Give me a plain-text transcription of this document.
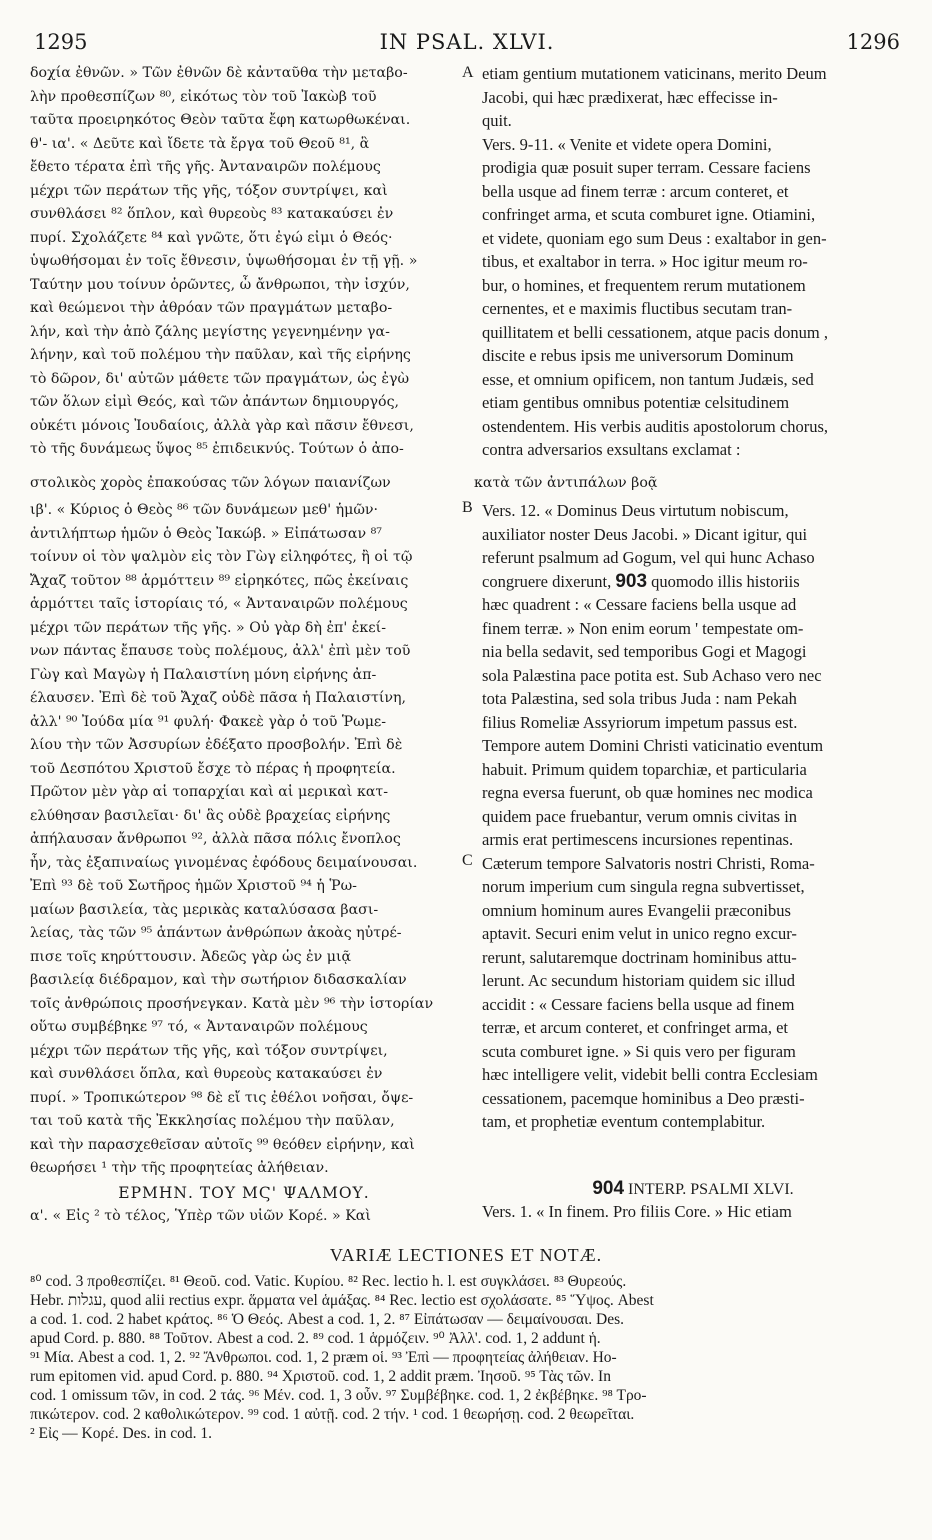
1295	IN PSAL. XLVI.	1296
δοχία ἐθνῶν. » Τῶν ἐθνῶν δὲ κἀνταῦθα τὴν μεταβο-
λὴν προθεσπίζων ⁸⁰, εἰκότως τὸν τοῦ Ἰακὼβ τοῦ
ταῦτα προειρηκότος Θεὸν ταῦτα ἔφη κατωρθωκέναι.
θ'- ια'. « Δεῦτε καὶ ἴδετε τὰ ἔργα τοῦ Θεοῦ ⁸¹, ἃ
ἔθετο τέρατα ἐπὶ τῆς γῆς. Ἀνταναιρῶν πολέμους
μέχρι τῶν περάτων τῆς γῆς, τόξον συντρίψει, καὶ
συνθλάσει ⁸² ὅπλον, καὶ θυρεοὺς ⁸³ κατακαύσει ἐν
πυρί. Σχολάζετε ⁸⁴ καὶ γνῶτε, ὅτι ἐγώ εἰμι ὁ Θεός·
ὑψωθήσομαι ἐν τοῖς ἔθνεσιν, ὑψωθήσομαι ἐν τῇ γῇ. »
Ταύτην μου τοίνυν ὁρῶντες, ὦ ἄνθρωποι, τὴν ἰσχύν,
καὶ θεώμενοι τὴν ἀθρόαν τῶν πραγμάτων μεταβο-
λήν, καὶ τὴν ἀπὸ ζάλης μεγίστης γεγενημένην γα-
λήνην, καὶ τοῦ πολέμου τὴν παῦλαν, καὶ τῆς εἰρήνης
τὸ δῶρον, δι' αὐτῶν μάθετε τῶν πραγμάτων, ὡς ἐγὼ
τῶν ὅλων εἰμὶ Θεός, καὶ τῶν ἀπάντων δημιουργός,
οὐκέτι μόνοις Ἰουδαίοις, ἀλλὰ γὰρ καὶ πᾶσιν ἔθνεσι,
τὸ τῆς δυνάμεως ὕψος ⁸⁵ ἐπιδεικνύς. Τούτων ὁ ἀπο-
etiam gentium mutationem vaticinans, merito Deum
Jacobi, qui hæc prædixerat, hæc effecisse in-
quit.
Vers. 9-11. « Venite et videte opera Domini,
prodigia quæ posuit super terram. Cessare faciens
bella usque ad finem terræ : arcum conteret, et
confringet arma, et scuta comburet igne. Otiamini,
et videte, quoniam ego sum Deus : exaltabor in gen-
tibus, et exaltabor in terra. » Hoc igitur meum ro-
bur, o homines, et frequentem rerum mutationem
cernentes, et e maximis fluctibus secutam tran-
quillitatem et belli cessationem, atque pacis donum ,
discite e rebus ipsis me universorum Dominum
esse, et omnium opificem, non tantum Judæis, sed
etiam gentibus omnibus potentiæ celsitudinem
ostendentem. His verbis auditis apostolorum chorus,
contra adversarios exsultans exclamat :
στολικὸς χορὸς ἐπακούσας τῶν λόγων παιανίζων	κατὰ τῶν ἀντιπάλων βοᾷ
ιβ'. « Κύριος ὁ Θεὸς ⁸⁶ τῶν δυνάμεων μεθ' ἡμῶν·
ἀντιλήπτωρ ἡμῶν ὁ Θεὸς Ἰακώβ. » Εἰπάτωσαν ⁸⁷
τοίνυν οἱ τὸν ψαλμὸν εἰς τὸν Γὼγ εἰληφότες, ἢ οἱ τῷ
Ἄχαζ τοῦτον ⁸⁸ ἁρμόττειν ⁸⁹ εἰρηκότες, πῶς ἐκείναις
ἁρμόττει ταῖς ἱστορίαις τό, « Ἀνταναιρῶν πολέμους
μέχρι τῶν περάτων τῆς γῆς. » Οὐ γὰρ δὴ ἐπ' ἐκεί-
νων πάντας ἔπαυσε τοὺς πολέμους, ἀλλ' ἐπὶ μὲν τοῦ
Γὼγ καὶ Μαγὼγ ἡ Παλαιστίνη μόνη εἰρήνης ἀπ-
έλαυσεν. Ἐπὶ δὲ τοῦ Ἄχαζ οὐδὲ πᾶσα ἡ Παλαιστίνη,
ἀλλ' ⁹⁰ Ἰούδα μία ⁹¹ φυλή· Φακεὲ γὰρ ὁ τοῦ Ῥωμε-
λίου τὴν τῶν Ἀσσυρίων ἐδέξατο προσβολήν. Ἐπὶ δὲ
τοῦ Δεσπότου Χριστοῦ ἔσχε τὸ πέρας ἡ προφητεία.
Πρῶτον μὲν γὰρ αἱ τοπαρχίαι καὶ αἱ μερικαὶ κατ-
ελύθησαν βασιλεῖαι· δι' ἃς οὐδὲ βραχείας εἰρήνης
ἀπήλαυσαν ἄνθρωποι ⁹², ἀλλὰ πᾶσα πόλις ἔνοπλος
ἦν, τὰς ἐξαπιναίως γινομένας ἐφόδους δειμαίνουσαι.
Ἐπὶ ⁹³ δὲ τοῦ Σωτῆρος ἡμῶν Χριστοῦ ⁹⁴ ἡ Ῥω-
μαίων βασιλεία, τὰς μερικὰς καταλύσασα βασι-
λείας, τὰς τῶν ⁹⁵ ἁπάντων ἀνθρώπων ἀκοὰς ηὐτρέ-
πισε τοῖς κηρύττουσιν. Ἀδεῶς γὰρ ὡς ἐν μιᾷ
βασιλείᾳ διέδραμον, καὶ τὴν σωτήριον διδασκαλίαν
τοῖς ἀνθρώποις προσήνεγκαν. Κατὰ μὲν ⁹⁶ τὴν ἱστορίαν
οὕτω συμβέβηκε ⁹⁷ τό, « Ἀνταναιρῶν πολέμους
μέχρι τῶν περάτων τῆς γῆς, καὶ τόξον συντρίψει,
καὶ συνθλάσει ὅπλα, καὶ θυρεοὺς κατακαύσει ἐν
πυρί. » Τροπικώτερον ⁹⁸ δὲ εἴ τις ἐθέλοι νοῆσαι, ὄψε-
ται τοῦ κατὰ τῆς Ἐκκλησίας πολέμου τὴν παῦλαν,
καὶ τὴν παρασχεθεῖσαν αὐτοῖς ⁹⁹ θεόθεν εἰρήνην, καὶ
θεωρήσει ¹ τὴν τῆς προφητείας ἀλήθειαν.
Vers. 12. « Dominus Deus virtutum nobiscum,
auxiliator noster Deus Jacobi. » Dicant igitur, qui
referunt psalmum ad Gogum, vel qui hunc Achaso
congruere dixerunt, 903 quomodo illis historiis
hæc quadrent : « Cessare faciens bella usque ad
finem terræ. » Non enim eorum ' tempestate om-
nia bella sedavit, sed temporibus Gogi et Magogi
sola Palæstina pace potita est. Sub Achaso vero nec
tota Palæstina, sed sola tribus Juda : nam Pekah
filius Romeliæ Assyriorum impetum passus est.
Tempore autem Domini Christi vaticinatio eventum
habuit. Primum quidem toparchiæ, et particularia
regna eversa fuerunt, ob quæ homines nec modica
quidem pace fruebantur, verum omnis civitas in
armis erat pertimescens incursiones repentinas.
Cæterum tempore Salvatoris nostri Christi, Roma-
norum imperium cum singula regna subvertisset,
omnium hominum aures Evangelii præconibus
aptavit. Securi enim velut in unico regno excur-
rerunt, salutaremque doctrinam hominibus attu-
lerunt. Ac secundum historiam quidem sic illud
accidit : « Cessare faciens bella usque ad finem
terræ, et arcum conteret, et confringet arma, et
scuta comburet igne. » Si quis vero per figuram
hæc intelligere velit, videbit belli contra Ecclesiam
cessationem, pacemque hominibus a Deo præsti-
tam, et prophetiæ eventum contemplabitur.
A
B
C
ΕΡΜΗΝ. ΤΟΥ ΜϚ' ΨΑΛΜΟΥ.
α'. « Εἰς ² τὸ τέλος, Ὑπὲρ τῶν υἱῶν Κορέ. » Καὶ
904 INTERP. PSALMI XLVI.
Vers. 1. « In finem. Pro filiis Core. » Hic etiam
VARIÆ LECTIONES ET NOTÆ.
⁸⁰ cod. 3 προθεσπίζει. ⁸¹ Θεοῦ. cod. Vatic. Κυρίου. ⁸² Rec. lectio h. l. est συγκλάσει. ⁸³ Θυρεούς.
Hebr. עגלות, quod alii rectius expr. ἅρματα vel ἁμάξας. ⁸⁴ Rec. lectio est σχολάσατε. ⁸⁵ Ὕψος. Abest
a cod. 1. cod. 2 habet κράτος. ⁸⁶ Ὁ Θεός. Abest a cod. 1, 2. ⁸⁷ Εἰπάτωσαν — δειμαίνουσαι. Des.
apud Cord. p. 880. ⁸⁸ Τοῦτον. Abest a cod. 2. ⁸⁹ cod. 1 ἁρμόζειν. ⁹⁰ Ἀλλ'. cod. 1, 2 addunt ἡ.
⁹¹ Μία. Abest a cod. 1, 2. ⁹² Ἄνθρωποι. cod. 1, 2 præm οἱ. ⁹³ Ἐπὶ — προφητείας ἀλήθειαν. Ho-
rum epitomen vid. apud Cord. p. 880. ⁹⁴ Χριστοῦ. cod. 1, 2 addit præm. Ἰησοῦ. ⁹⁵ Τὰς τῶν. In
cod. 1 omissum τῶν, in cod. 2 τάς. ⁹⁶ Μέν. cod. 1, 3 οὖν. ⁹⁷ Συμβέβηκε. cod. 1, 2 ἐκβέβηκε. ⁹⁸ Τρο-
πικώτερον. cod. 2 καθολικώτερον. ⁹⁹ cod. 1 αὐτῇ. cod. 2 τήν. ¹ cod. 1 θεωρήσῃ. cod. 2 θεωρεῖται.
² Εἰς — Κορέ. Des. in cod. 1.
